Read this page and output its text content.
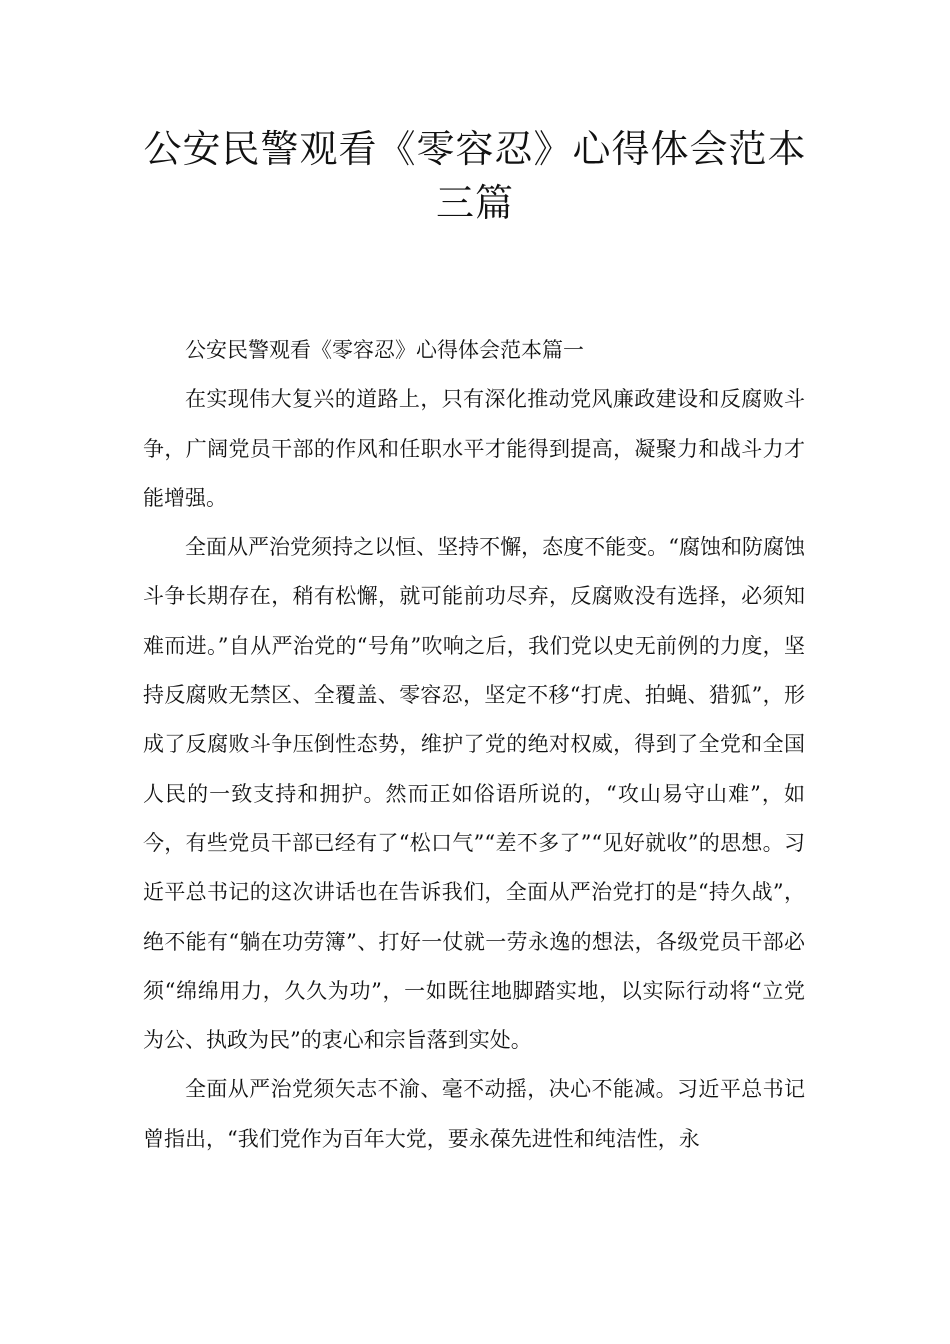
公安民警观看《零容忍》心得体会范本
三篇

公安民警观看《零容忍》心得体会范本篇一

在实现伟大复兴的道路上，只有深化推动党风廉政建设和反腐败斗争，广阔党员干部的作风和任职水平才能得到提高，凝聚力和战斗力才能增强。

全面从严治党须持之以恒、坚持不懈，态度不能变。“腐蚀和防腐蚀斗争长期存在，稍有松懈，就可能前功尽弃，反腐败没有选择，必须知难而进。”自从严治党的“号角”吹响之后，我们党以史无前例的力度，坚持反腐败无禁区、全覆盖、零容忍，坚定不移“打虎、拍蝇、猎狐”，形成了反腐败斗争压倒性态势，维护了党的绝对权威，得到了全党和全国人民的一致支持和拥护。然而正如俗语所说的，“攻山易守山难”，如今，有些党员干部已经有了“松口气”“差不多了”“见好就收”的思想。习近平总书记的这次讲话也在告诉我们，全面从严治党打的是“持久战”，绝不能有“躺在功劳簿”、打好一仗就一劳永逸的想法，各级党员干部必须“绵绵用力，久久为功”，一如既往地脚踏实地，以实际行动将“立党为公、执政为民”的衷心和宗旨落到实处。

全面从严治党须矢志不渝、毫不动摇，决心不能减。习近平总书记曾指出，“我们党作为百年大党，要永葆先进性和纯洁性，永
